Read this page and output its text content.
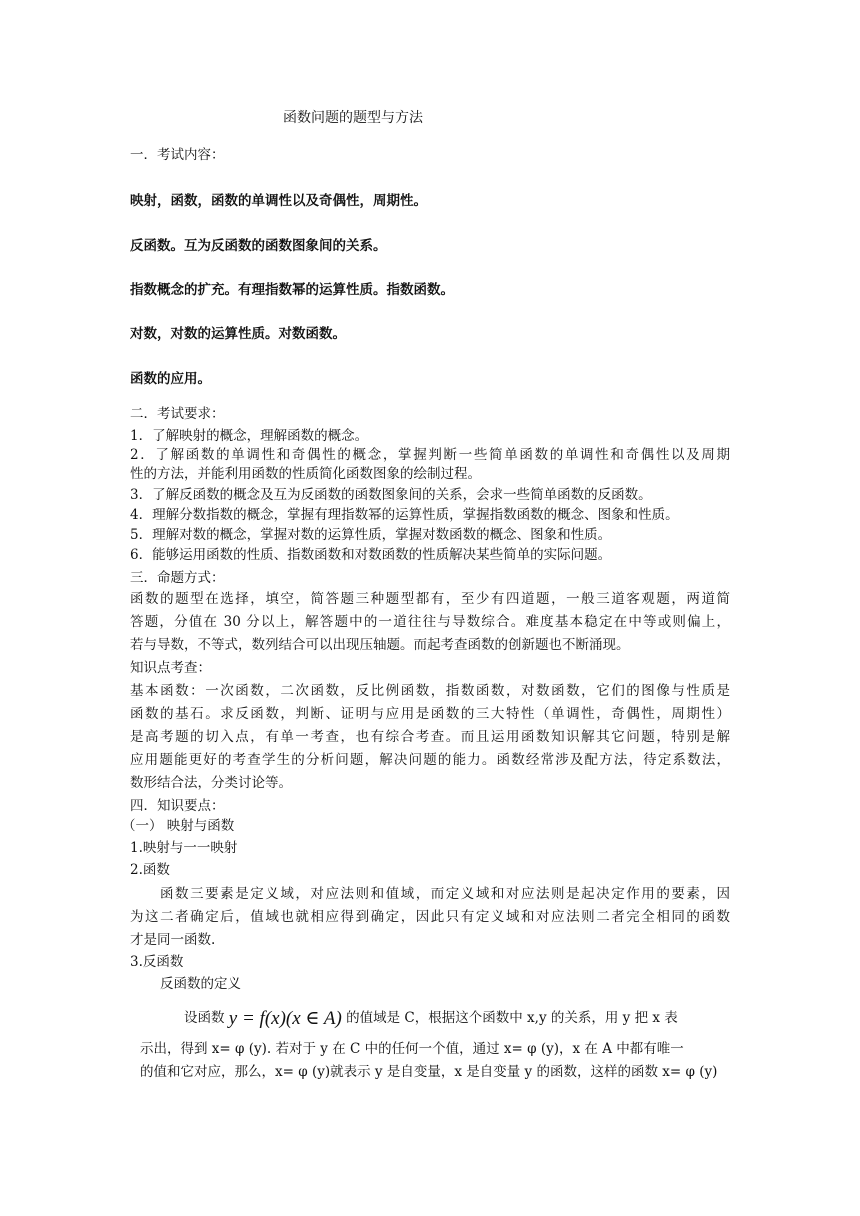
函数问题的题型与方法
一．考试内容：
映射，函数，函数的单调性以及奇偶性，周期性。
反函数。互为反函数的函数图象间的关系。
指数概念的扩充。有理指数幂的运算性质。指数函数。
对数，对数的运算性质。对数函数。
函数的应用。
二．考试要求：
1．了解映射的概念，理解函数的概念。
2．了解函数的单调性和奇偶性的概念，掌握判断一些简单函数的单调性和奇偶性以及周期
性的方法，并能利用函数的性质简化函数图象的绘制过程。
3．了解反函数的概念及互为反函数的函数图象间的关系，会求一些简单函数的反函数。
4．理解分数指数的概念，掌握有理指数幂的运算性质，掌握指数函数的概念、图象和性质。
5．理解对数的概念，掌握对数的运算性质，掌握对数函数的概念、图象和性质。
6．能够运用函数的性质、指数函数和对数函数的性质解决某些简单的实际问题。
三．命题方式：
函数的题型在选择，填空，简答题三种题型都有，至少有四道题，一般三道客观题，两道简
答题，分值在 30 分以上，解答题中的一道往往与导数综合。难度基本稳定在中等或则偏上，
若与导数，不等式，数列结合可以出现压轴题。而起考查函数的创新题也不断涌现。
知识点考查：
基本函数：一次函数，二次函数，反比例函数，指数函数，对数函数，它们的图像与性质是
函数的基石。求反函数，判断、证明与应用是函数的三大特性（单调性，奇偶性，周期性）
是高考题的切入点，有单一考查，也有综合考查。而且运用函数知识解其它问题，特别是解
应用题能更好的考查学生的分析问题，解决问题的能力。函数经常涉及配方法，待定系数法，
数形结合法，分类讨论等。
四．知识要点：
（一） 映射与函数
1.映射与一一映射
2.函数
函数三要素是定义域，对应法则和值域，而定义域和对应法则是起决定作用的要素，因
为这二者确定后，值域也就相应得到确定，因此只有定义域和对应法则二者完全相同的函数
才是同一函数.
3.反函数
反函数的定义
设函数 y = f(x)(x ∈ A) 的值域是 C，根据这个函数中 x,y 的关系，用 y 把 x 表
示出，得到 x= φ (y). 若对于 y 在 C 中的任何一个值，通过 x= φ (y)，x 在 A 中都有唯一
的值和它对应，那么，x= φ (y)就表示 y 是自变量，x 是自变量 y 的函数，这样的函数 x= φ (y)
